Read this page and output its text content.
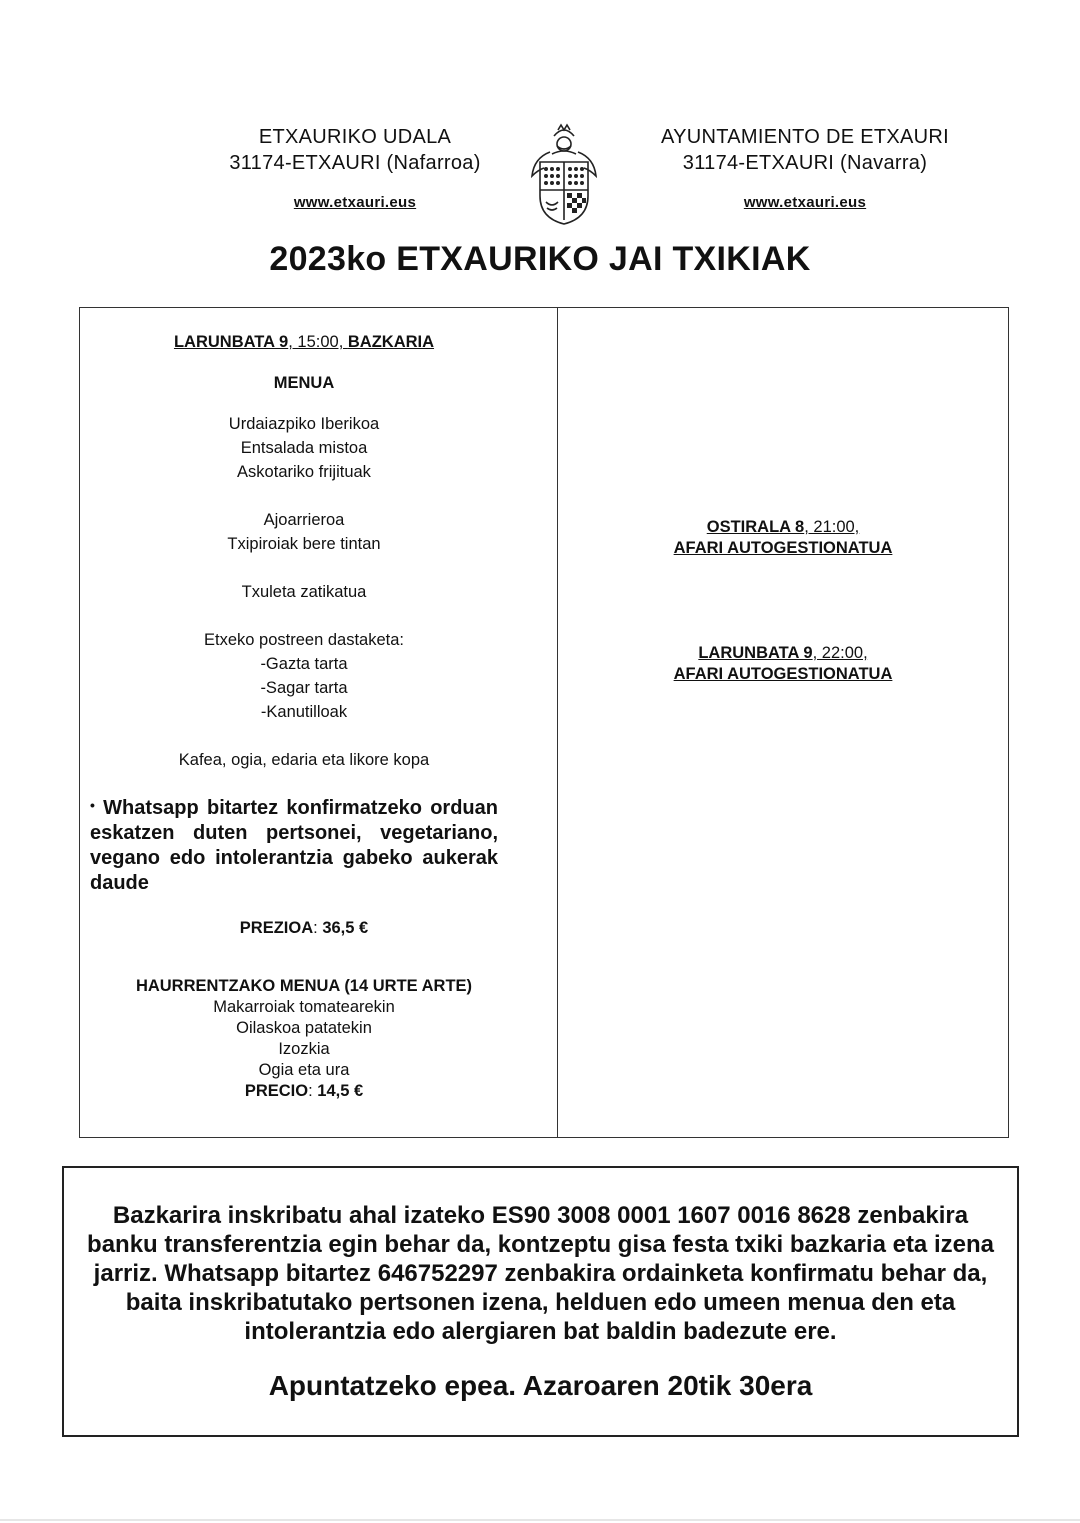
ETXAURIKO UDALA
31174-ETXAURI (Nafarroa)
www.etxauri.eus
AYUNTAMIENTO DE ETXAURI
31174-ETXAURI (Navarra)
www.etxauri.eus
2023ko ETXAURIKO JAI TXIKIAK
LARUNBATA 9, 15:00, BAZKARIA
MENUA
Urdaiazpiko Iberikoa
Entsalada mistoa
Askotariko frijituak
Ajoarrieroa
Txipiroiak bere tintan
Txuleta zatikatua
Etxeko postreen dastaketa:
-Gazta tarta
-Sagar tarta
-Kanutilloak
Kafea, ogia, edaria eta likore kopa
• Whatsapp bitartez konfirmatzeko orduan eskatzen duten pertsonei, vegetariano, vegano edo intolerantzia gabeko aukerak daude
PREZIOA: 36,5 €
HAURRENTZAKO MENUA (14 URTE ARTE)
Makarroiak tomatearekin
Oilaskoa patatekin
Izozkia
Ogia eta ura
PRECIO: 14,5 €
OSTIRALA 8, 21:00,
AFARI AUTOGESTIONATUA
LARUNBATA 9, 22:00,
AFARI AUTOGESTIONATUA
Bazkarira inskribatu ahal izateko ES90 3008 0001 1607 0016 8628 zenbakira banku transferentzia egin behar da, kontzeptu gisa festa txiki bazkaria eta izena jarriz. Whatsapp bitartez 646752297 zenbakira ordainketa konfirmatu behar da, baita inskribatutako pertsonen izena, helduen edo umeen menua den eta intolerantzia edo alergiaren bat baldin badezute ere.
Apuntatzeko epea. Azaroaren 20tik 30era
